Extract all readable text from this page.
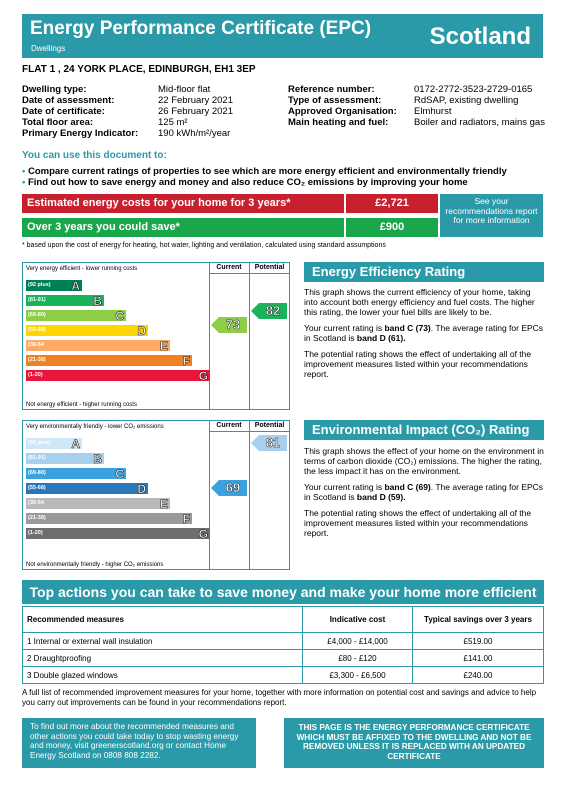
Energy Performance Certificate (EPC)
Dwellings	Scotland
FLAT 1 , 24 YORK PLACE, EDINBURGH, EH1 3EP
Dwelling type:	Mid-floor flat
Date of assessment:	22 February 2021
Date of certificate:	26 February 2021
Total floor area:	125 m²
Primary Energy Indicator:	190 kWh/m²/year
Reference number:	0172-2772-3523-2729-0165
Type of assessment:	RdSAP, existing dwelling
Approved Organisation:	Elmhurst
Main heating and fuel:	Boiler and radiators, mains gas
You can use this document to:
• Compare current ratings of properties to see which are more energy efficient and environmentally friendly
• Find out how to save energy and money and also reduce CO₂ emissions by improving your home
Estimated energy costs for your home for 3 years*	£2,721
Over 3 years you could save*	£900
See your recommendations report for more information
* based upon the cost of energy for heating, hot water, lighting and ventilation, calculated using standard assumptions
Current	Potential
Very energy efficient - lower running costs
Not energy efficient - higher running costs
(92 plus) A
(81-91)	B
(69-80)	C
(55-68)	D
(39-54	E
(21-38)	F
(1-20)	G
73
82
Current	Potential
Very environmentally friendly - lower CO₂ emissions
Not environmentally friendly - higher CO₂ emissions
(92 plus) A
(81-91)	B
(69-80)	C
(55-68)	D
(39-54	E
(21-38)	F
(1-20)	G
69
81
Energy Efficiency Rating

This graph shows the current efficiency of your home, taking into account both energy efficiency and fuel costs. The higher this rating, the lower your fuel bills are likely to be.

Your current rating is band C (73). The average rating for EPCs in Scotland is band D (61).

The potential rating shows the effect of undertaking all of the improvement measures listed within your recommendations report.

Environmental Impact (CO₂) Rating

This graph shows the effect of your home on the environment in terms of carbon dioxide (CO₂) emissions. The higher the rating, the less impact it has on the environment.

Your current rating is band C (69). The average rating for EPCs in Scotland is band D (59).

The potential rating shows the effect of undertaking all of the improvement measures listed within your recommendations report.

Top actions you can take to save money and make your home more efficient
Recommended measures	Indicative cost	Typical savings over 3 years
1 Internal or external wall insulation	£4,000 - £14,000	£519.00
2 Draughtproofing	£80 - £120	£141.00
3 Double glazed windows	£3,300 - £6,500	£240.00
A full list of recommended improvement measures for your home, together with more information on potential cost and savings and advice to help you carry out improvements can be found in your recommendations report.
To find out more about the recommended measures and other actions you could take today to stop wasting energy and money, visit greenerscotland.org or contact Home Energy Scotland on 0808 808 2282.
THIS PAGE IS THE ENERGY PERFORMANCE CERTIFICATE WHICH MUST BE AFFIXED TO THE DWELLING AND NOT BE REMOVED UNLESS IT IS REPLACED WITH AN UPDATED CERTIFICATE
